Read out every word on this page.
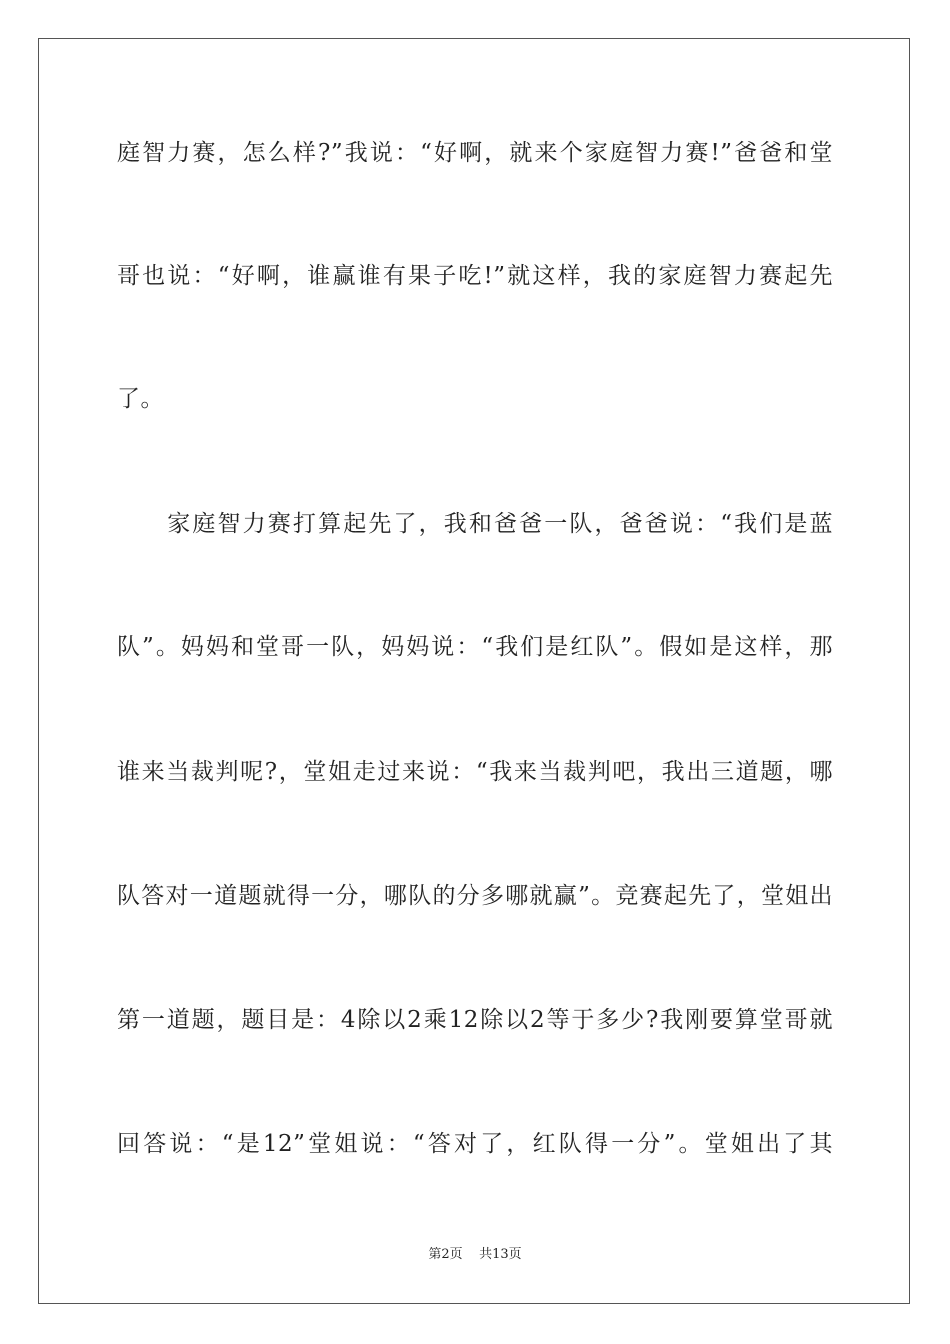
庭智力赛，怎么样?”我说：“好啊，就来个家庭智力赛!”爸爸和堂
哥也说：“好啊，谁赢谁有果子吃!”就这样，我的家庭智力赛起先
了。
　　家庭智力赛打算起先了，我和爸爸一队，爸爸说：“我们是蓝
队”。妈妈和堂哥一队，妈妈说：“我们是红队”。假如是这样，那
谁来当裁判呢?，堂姐走过来说：“我来当裁判吧，我出三道题，哪
队答对一道题就得一分，哪队的分多哪就赢”。竞赛起先了，堂姐出
第一道题，题目是：4除以2乘12除以2等于多少?我刚要算堂哥就
回答说：“是12”堂姐说：“答对了，红队得一分”。堂姐出了其
第2页 共13页
